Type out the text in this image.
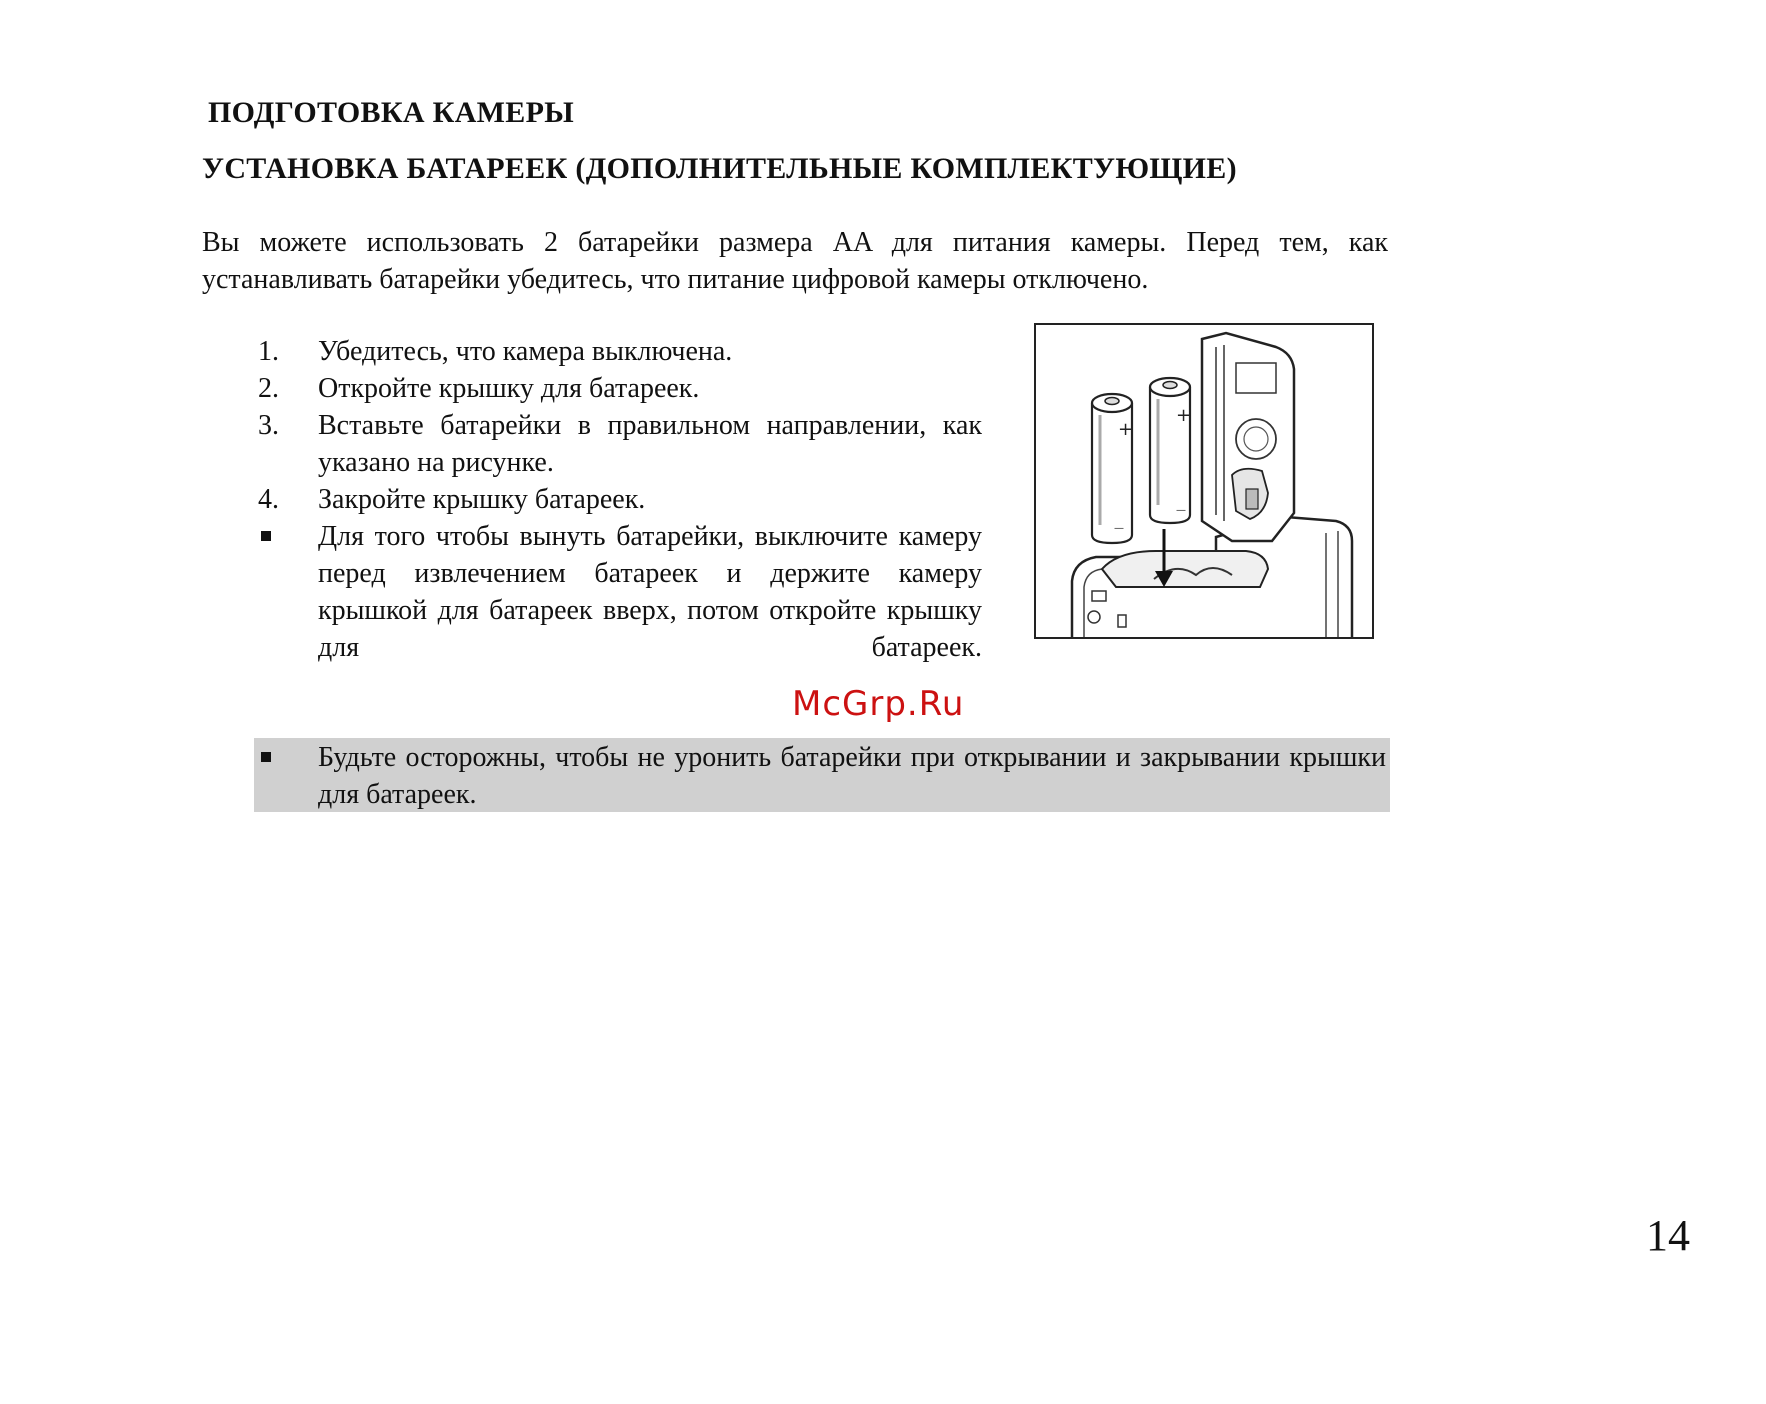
ПОДГОТОВКА КАМЕРЫ
УСТАНОВКА БАТАРЕЕК (ДОПОЛНИТЕЛЬНЫЕ КОМПЛЕКТУЮЩИЕ)

Вы можете использовать 2 батарейки размера AA для питания камеры. Перед тем, как устанавливать батарейки убедитесь, что питание цифровой камеры отключено.

1.	Убедитесь, что камера выключена.
2.	Откройте крышку для батареек.
3.	Вставьте батарейки в правильном направлении, как указано на рисунке.
4.	Закройте крышку батареек.
Для того чтобы вынуть батарейки, выключите камеру перед извлечением батареек и держите камеру крышкой для батареек вверх, потом откройте крышку для батареек.
+
+
—
—
McGrp.Ru
Будьте осторожны, чтобы не уронить батарейки при открывании и закрывании крышки для батареек.
14
